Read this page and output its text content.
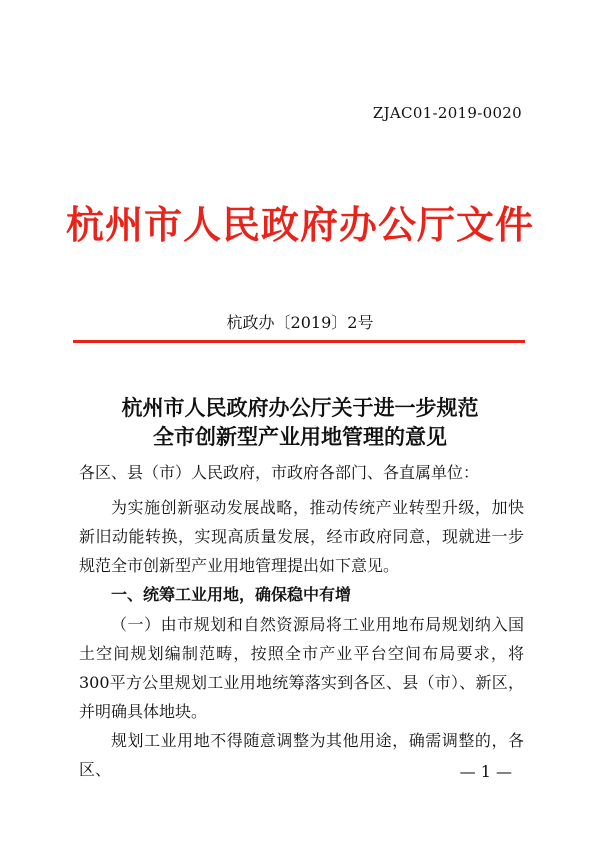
ZJAC01-2019-0020
杭州市人民政府办公厅文件
杭政办〔2019〕2号
杭州市人民政府办公厅关于进一步规范
全市创新型产业用地管理的意见
各区、县（市）人民政府，市政府各部门、各直属单位：
为实施创新驱动发展战略，推动传统产业转型升级，加快新旧动能转换，实现高质量发展，经市政府同意，现就进一步规范全市创新型产业用地管理提出如下意见。
一、统筹工业用地，确保稳中有增
（一）由市规划和自然资源局将工业用地布局规划纳入国土空间规划编制范畴，按照全市产业平台空间布局要求，将300平方公里规划工业用地统筹落实到各区、县（市）、新区，并明确具体地块。
规划工业用地不得随意调整为其他用途，确需调整的，各区、	— 1 —
